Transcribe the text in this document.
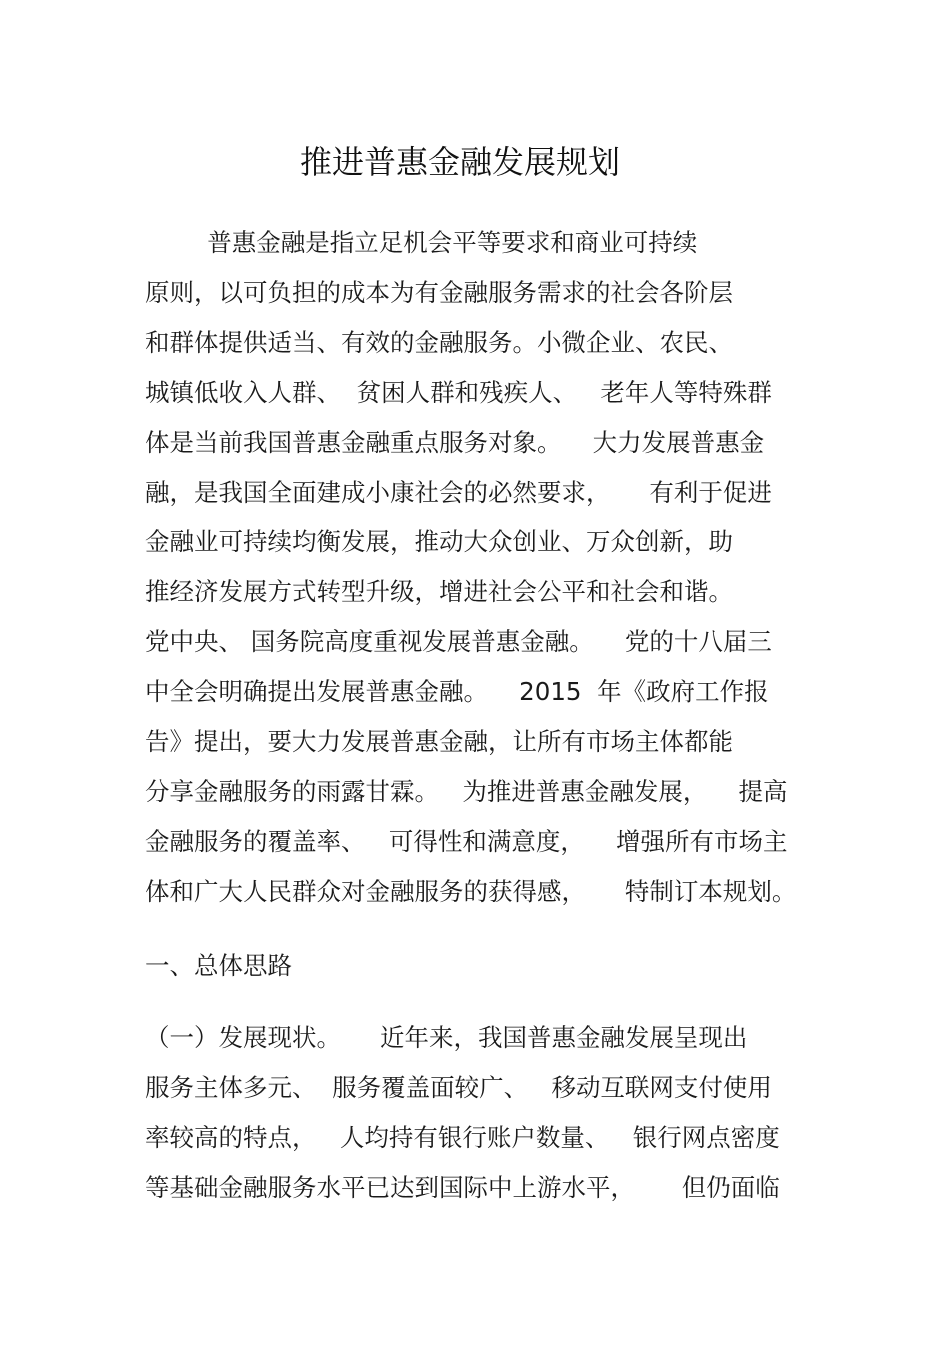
推进普惠金融发展规划
普惠金融是指立足机会平等要求和商业可持续
原则，以可负担的成本为有金融服务需求的社会各阶层
和群体提供适当、有效的金融服务。小微企业、农民、
城镇低收入人群、  贫困人群和残疾人、   老年人等特殊群
体是当前我国普惠金融重点服务对象。    大力发展普惠金
融，是我国全面建成小康社会的必然要求，     有利于促进
金融业可持续均衡发展，推动大众创业、万众创新，助
推经济发展方式转型升级，增进社会公平和社会和谐。
党中央、 国务院高度重视发展普惠金融。    党的十八届三
中全会明确提出发展普惠金融。    2015  年《政府工作报
告》提出，要大力发展普惠金融，让所有市场主体都能
分享金融服务的雨露甘霖。   为推进普惠金融发展，    提高
金融服务的覆盖率、   可得性和满意度，    增强所有市场主
体和广大人民群众对金融服务的获得感，     特制订本规划。
一、总体思路
（一）发展现状。     近年来，我国普惠金融发展呈现出
服务主体多元、  服务覆盖面较广、   移动互联网支付使用
率较高的特点，   人均持有银行账户数量、   银行网点密度
等基础金融服务水平已达到国际中上游水平，      但仍面临
